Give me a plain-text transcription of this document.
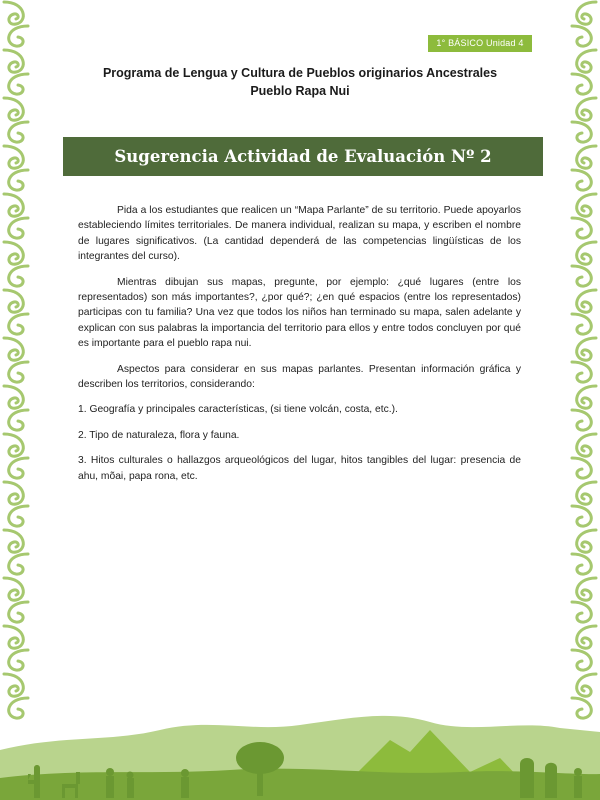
1° BÁSICO Unidad 4
Programa de Lengua y Cultura de Pueblos originarios Ancestrales
Pueblo Rapa Nui
Sugerencia Actividad de Evaluación Nº 2

Pida a los estudiantes que realicen un “Mapa Parlante” de su territorio. Puede apoyarlos estableciendo límites territoriales. De manera individual, realizan su mapa, y escriben el nombre de lugares significativos. (La cantidad dependerá de las competencias lingüísticas de los integrantes del curso).

Mientras dibujan sus mapas, pregunte, por ejemplo: ¿qué lugares (entre los representados) son más importantes?, ¿por qué?; ¿en qué espacios (entre los representados) participas con tu familia? Una vez que todos los niños han terminado su mapa, salen adelante y explican con sus palabras la importancia del territorio para ellos y entre todos concluyen por qué es importante para el pueblo rapa nui.

Aspectos para considerar en sus mapas parlantes. Presentan información gráfica y describen los territorios, considerando:

1. Geografía y principales características, (si tiene volcán, costa, etc.).

2. Tipo de naturaleza, flora y fauna.

3. Hitos culturales o hallazgos arqueológicos del lugar, hitos tangibles del lugar: presencia de ahu, mõai, papa rona, etc.
